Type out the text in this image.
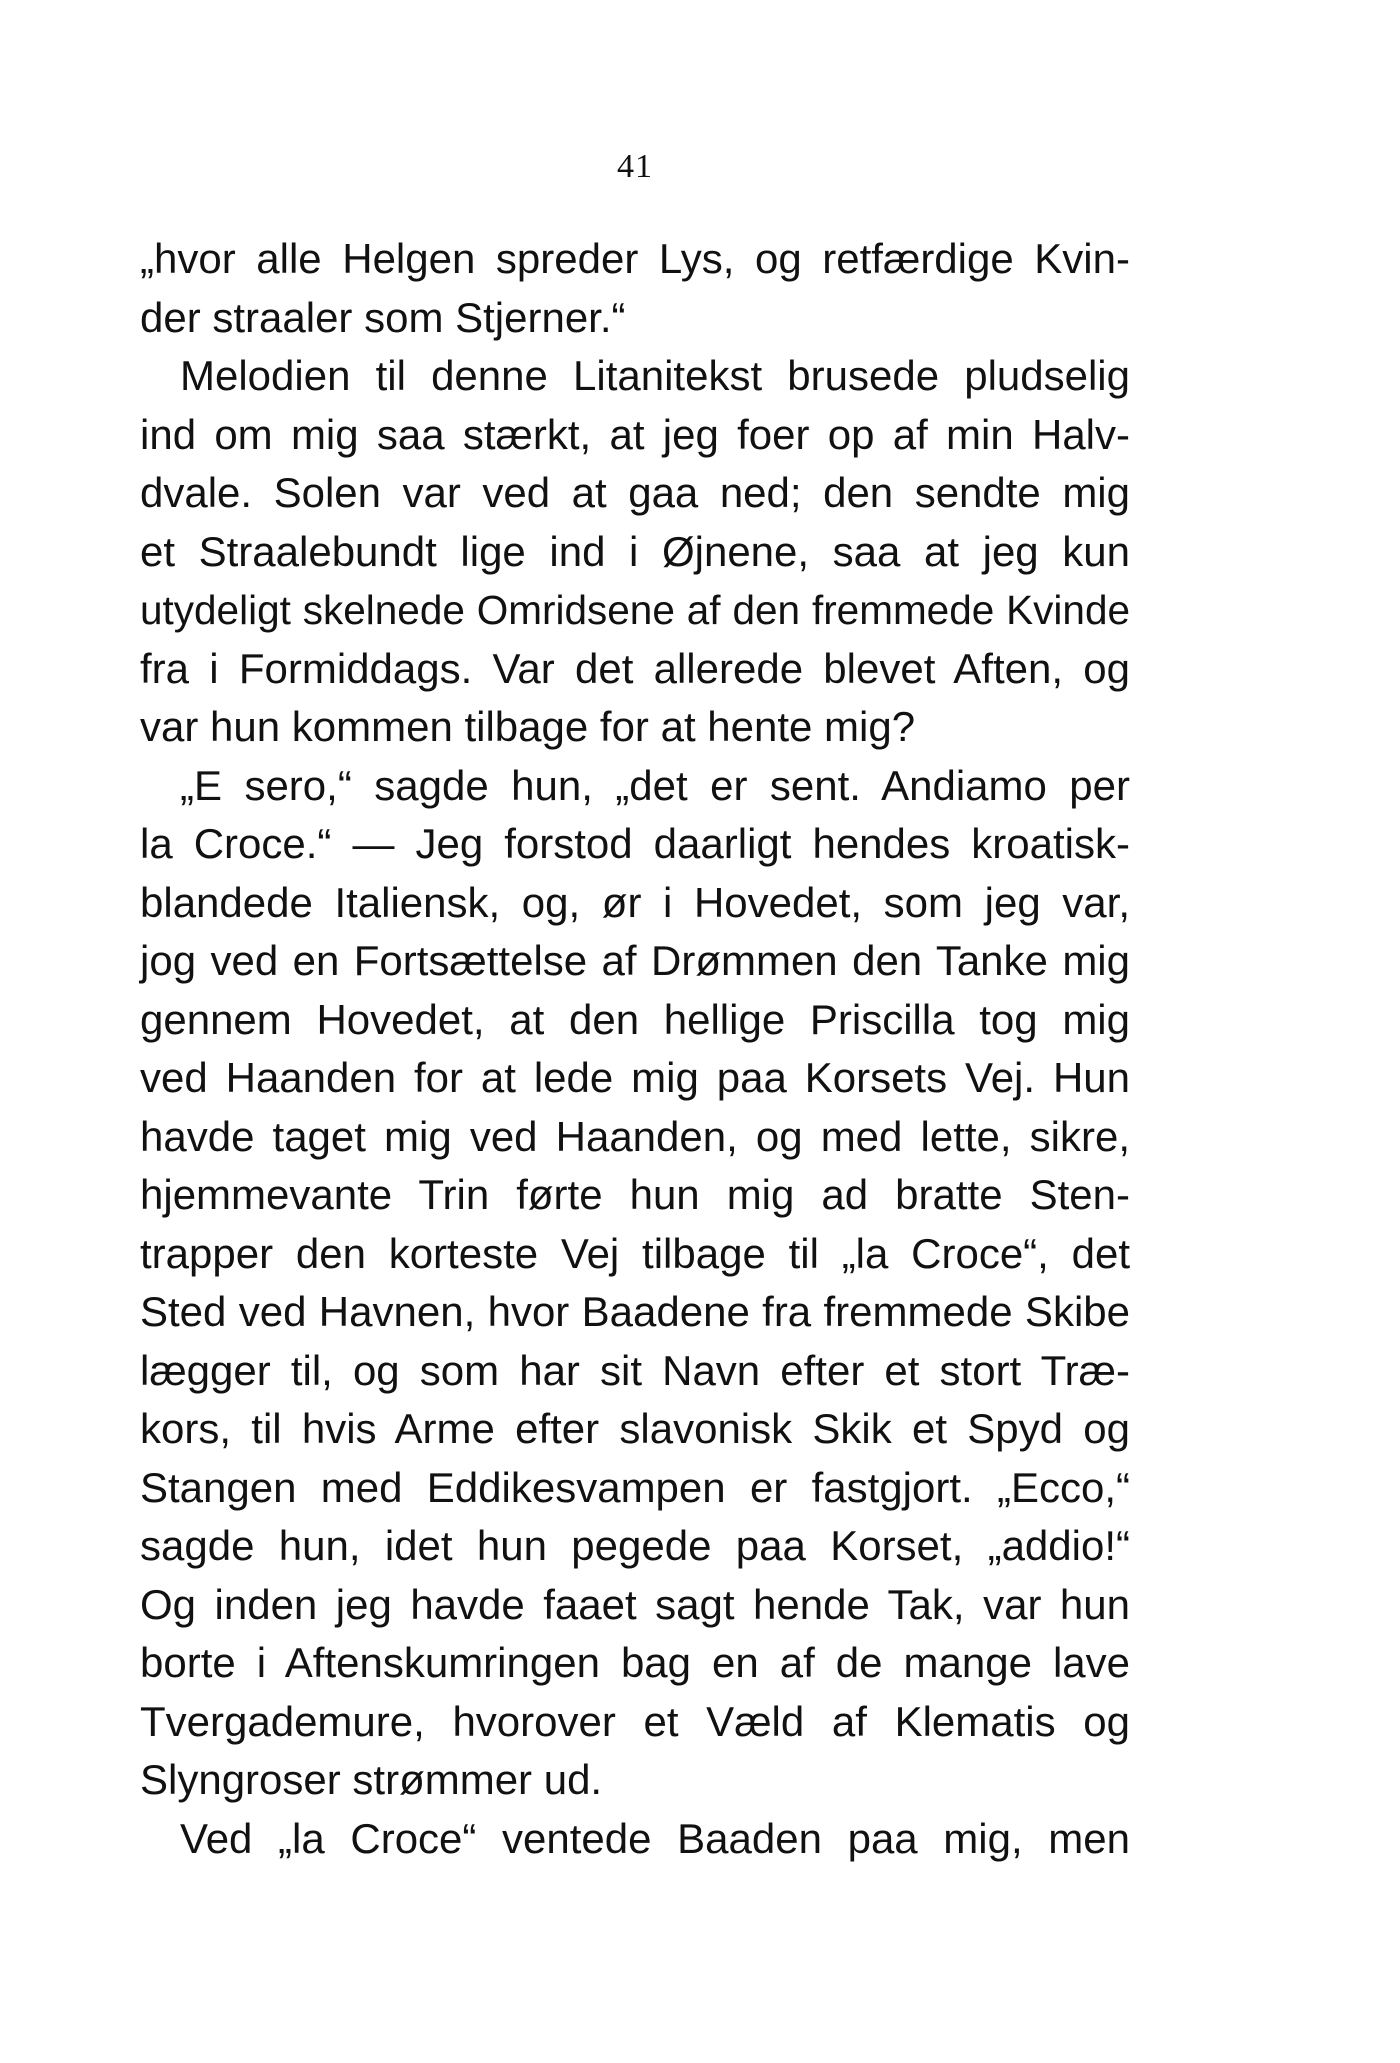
41
„hvor alle Helgen spreder Lys, og retfærdige Kvin-
der straaler som Stjerner.“
Melodien til denne Litanitekst brusede pludselig
ind om mig saa stærkt, at jeg foer op af min Halv-
dvale. Solen var ved at gaa ned; den sendte mig
et Straalebundt lige ind i Øjnene, saa at jeg kun
utydeligt skelnede Omridsene af den fremmede Kvinde
fra i Formiddags. Var det allerede blevet Aften, og
var hun kommen tilbage for at hente mig?
„E sero,“ sagde hun, „det er sent. Andiamo per
la Croce.“ — Jeg forstod daarligt hendes kroatisk-
blandede Italiensk, og, ør i Hovedet, som jeg var,
jog ved en Fortsættelse af Drømmen den Tanke mig
gennem Hovedet, at den hellige Priscilla tog mig
ved Haanden for at lede mig paa Korsets Vej. Hun
havde taget mig ved Haanden, og med lette, sikre,
hjemmevante Trin førte hun mig ad bratte Sten-
trapper den korteste Vej tilbage til „la Croce“, det
Sted ved Havnen, hvor Baadene fra fremmede Skibe
lægger til, og som har sit Navn efter et stort Træ-
kors, til hvis Arme efter slavonisk Skik et Spyd og
Stangen med Eddikesvampen er fastgjort. „Ecco,“
sagde hun, idet hun pegede paa Korset, „addio!“
Og inden jeg havde faaet sagt hende Tak, var hun
borte i Aftenskumringen bag en af de mange lave
Tvergademure, hvorover et Væld af Klematis og
Slyngroser strømmer ud.
Ved „la Croce“ ventede Baaden paa mig, men
